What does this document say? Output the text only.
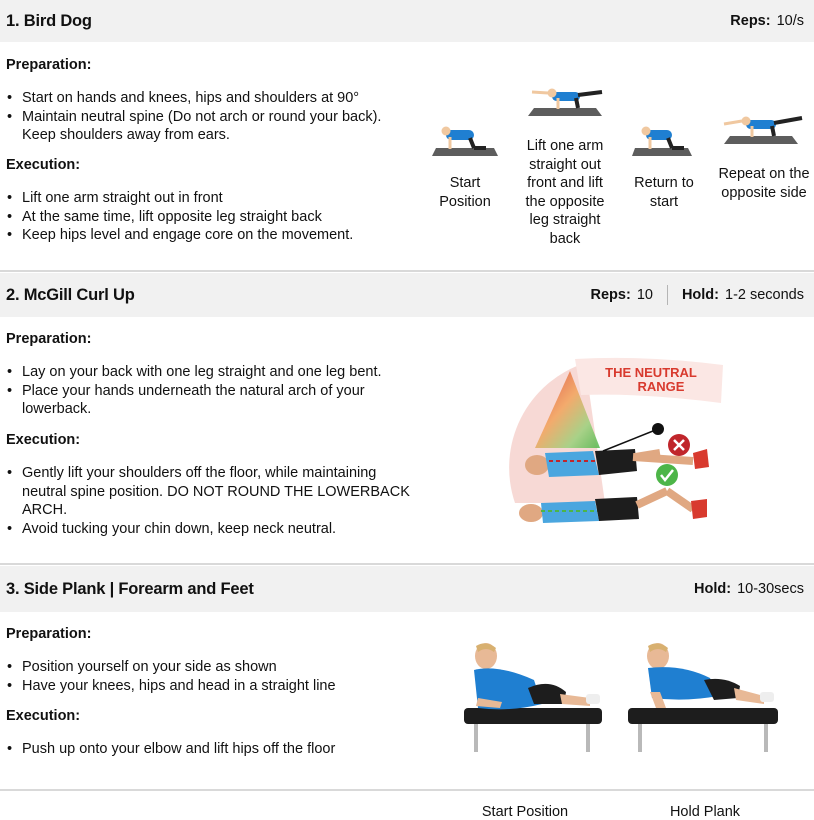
1. Bird Dog	Reps: 10/s
Preparation:
• Start on hands and knees, hips and shoulders at 90°
• Maintain neutral spine (Do not arch or round your back). Keep shoulders away from ears.
Execution:
• Lift one arm straight out in front
• At the same time, lift opposite leg straight back
• Keep hips level and engage core on the movement.
Start Position
Lift one arm straight out front and lift the opposite leg straight back
Return to start
Repeat on the opposite side
2. McGill Curl Up	Reps: 10 Hold: 1-2 seconds
Preparation:
• Lay on your back with one leg straight and one leg bent.
• Place your hands underneath the natural arch of your lowerback.
Execution:
• Gently lift your shoulders off the floor, while maintaining neutral spine position. DO NOT ROUND THE LOWERBACK ARCH.
• Avoid tucking your chin down, keep neck neutral.
THE NEUTRAL
RANGE
3. Side Plank | Forearm and Feet	Hold: 10-30secs
Preparation:
• Position yourself on your side as shown
• Have your knees, hips and head in a straight line
Execution:
• Push up onto your elbow and lift hips off the floor
Start Position	Hold Plank
